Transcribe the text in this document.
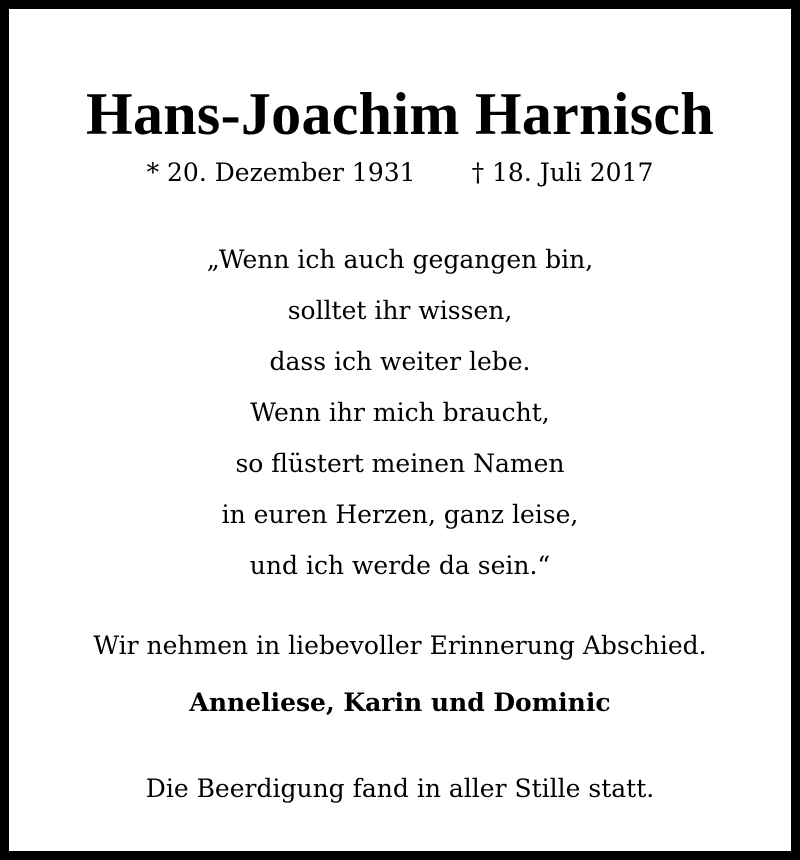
Hans-Joachim Harnisch
* 20. Dezember 1931 † 18. Juli 2017
„Wenn ich auch gegangen bin,
solltet ihr wissen,
dass ich weiter lebe.
Wenn ihr mich braucht,
so flüstert meinen Namen
in euren Herzen, ganz leise,
und ich werde da sein.“
Wir nehmen in liebevoller Erinnerung Abschied.
Anneliese, Karin und Dominic
Die Beerdigung fand in aller Stille statt.
